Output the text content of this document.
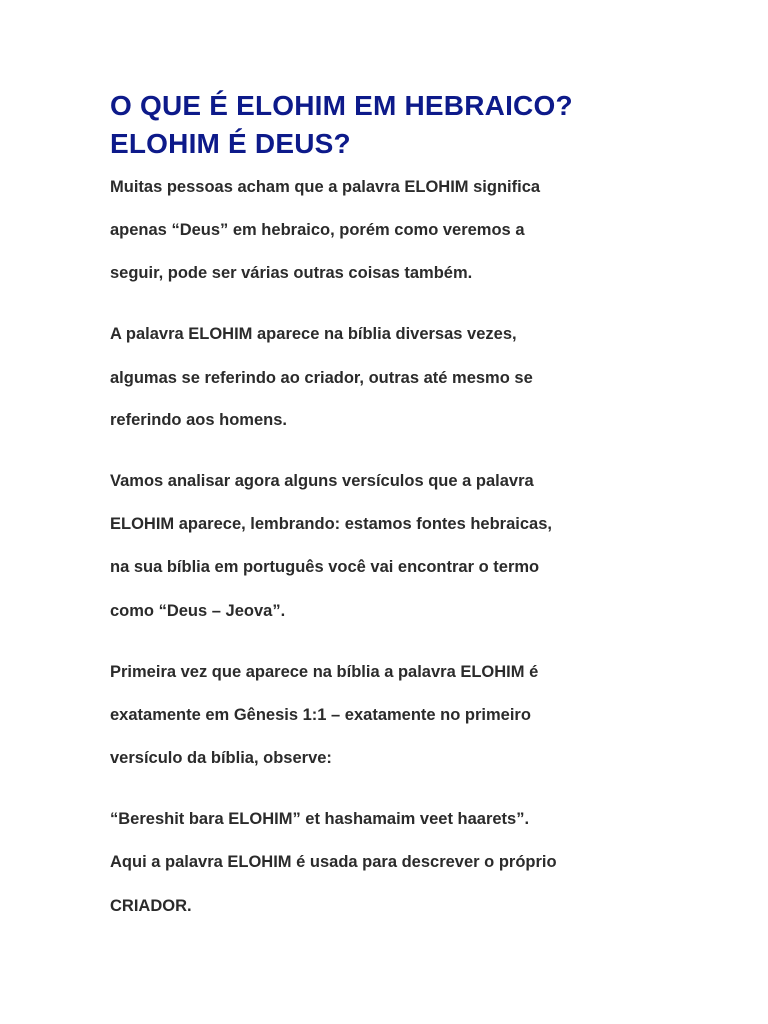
O QUE É ELOHIM EM HEBRAICO?
ELOHIM É DEUS?

Muitas pessoas acham que a palavra ELOHIM significa

apenas “Deus” em hebraico, porém como veremos a

seguir, pode ser várias outras coisas também.

A palavra ELOHIM aparece na bíblia diversas vezes,

algumas se referindo ao criador, outras até mesmo se

referindo aos homens.

Vamos analisar agora alguns versículos que a palavra

ELOHIM aparece, lembrando: estamos fontes hebraicas,

na sua bíblia em português você vai encontrar o termo

como “Deus – Jeova”.

Primeira vez que aparece na bíblia a palavra ELOHIM é

exatamente em Gênesis 1:1 – exatamente no primeiro

versículo da bíblia, observe:

“Bereshit bara ELOHIM” et hashamaim veet haarets”.

Aqui a palavra ELOHIM é usada para descrever o próprio

CRIADOR.
